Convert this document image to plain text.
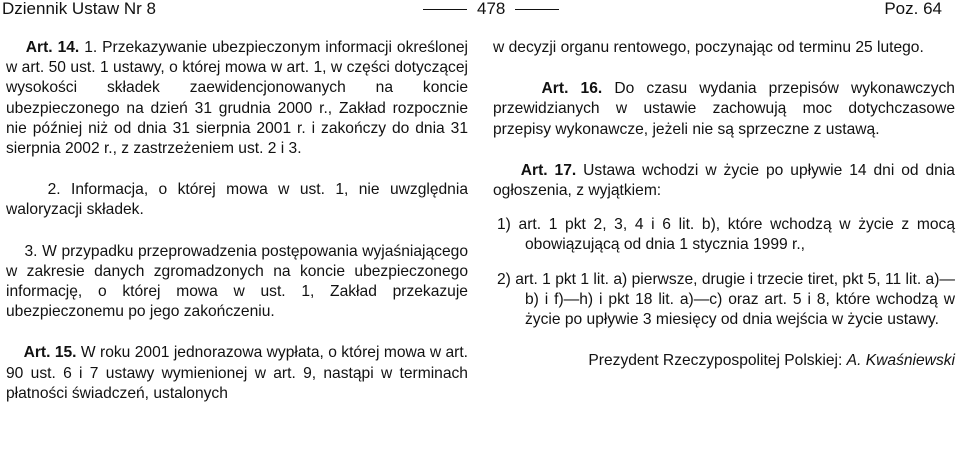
Dziennik Ustaw Nr 8	478	Poz. 64

Art. 14. 1. Przekazywanie ubezpieczonym informacji określonej w art. 50 ust. 1 ustawy, o której mowa w art. 1, w części dotyczącej wysokości składek zaewidencjonowanych na koncie ubezpieczonego na dzień 31 grudnia 2000 r., Zakład rozpocznie nie później niż od dnia 31 sierpnia 2001 r. i zakończy do dnia 31 sierpnia 2002 r., z zastrzeżeniem ust. 2 i 3.

2. Informacja, o której mowa w ust. 1, nie uwzględnia waloryzacji składek.

3. W przypadku przeprowadzenia postępowania wyjaśniającego w zakresie danych zgromadzonych na koncie ubezpieczonego informację, o której mowa w ust. 1, Zakład przekazuje ubezpieczonemu po jego zakończeniu.

Art. 15. W roku 2001 jednorazowa wypłata, o której mowa w art. 90 ust. 6 i 7 ustawy wymienionej w art. 9, nastąpi w terminach płatności świadczeń, ustalonych

w decyzji organu rentowego, poczynając od terminu 25 lutego.

Art. 16. Do czasu wydania przepisów wykonawczych przewidzianych w ustawie zachowują moc dotychczasowe przepisy wykonawcze, jeżeli nie są sprzeczne z ustawą.

Art. 17. Ustawa wchodzi w życie po upływie 14 dni od dnia ogłoszenia, z wyjątkiem:

1) art. 1 pkt 2, 3, 4 i 6 lit. b), które wchodzą w życie z mocą obowiązującą od dnia 1 stycznia 1999 r.,

2) art. 1 pkt 1 lit. a) pierwsze, drugie i trzecie tiret, pkt 5, 11 lit. a)—b) i f)—h) i pkt 18 lit. a)—c) oraz art. 5 i 8, które wchodzą w życie po upływie 3 miesięcy od dnia wejścia w życie ustawy.

Prezydent Rzeczypospolitej Polskiej: A. Kwaśniewski
